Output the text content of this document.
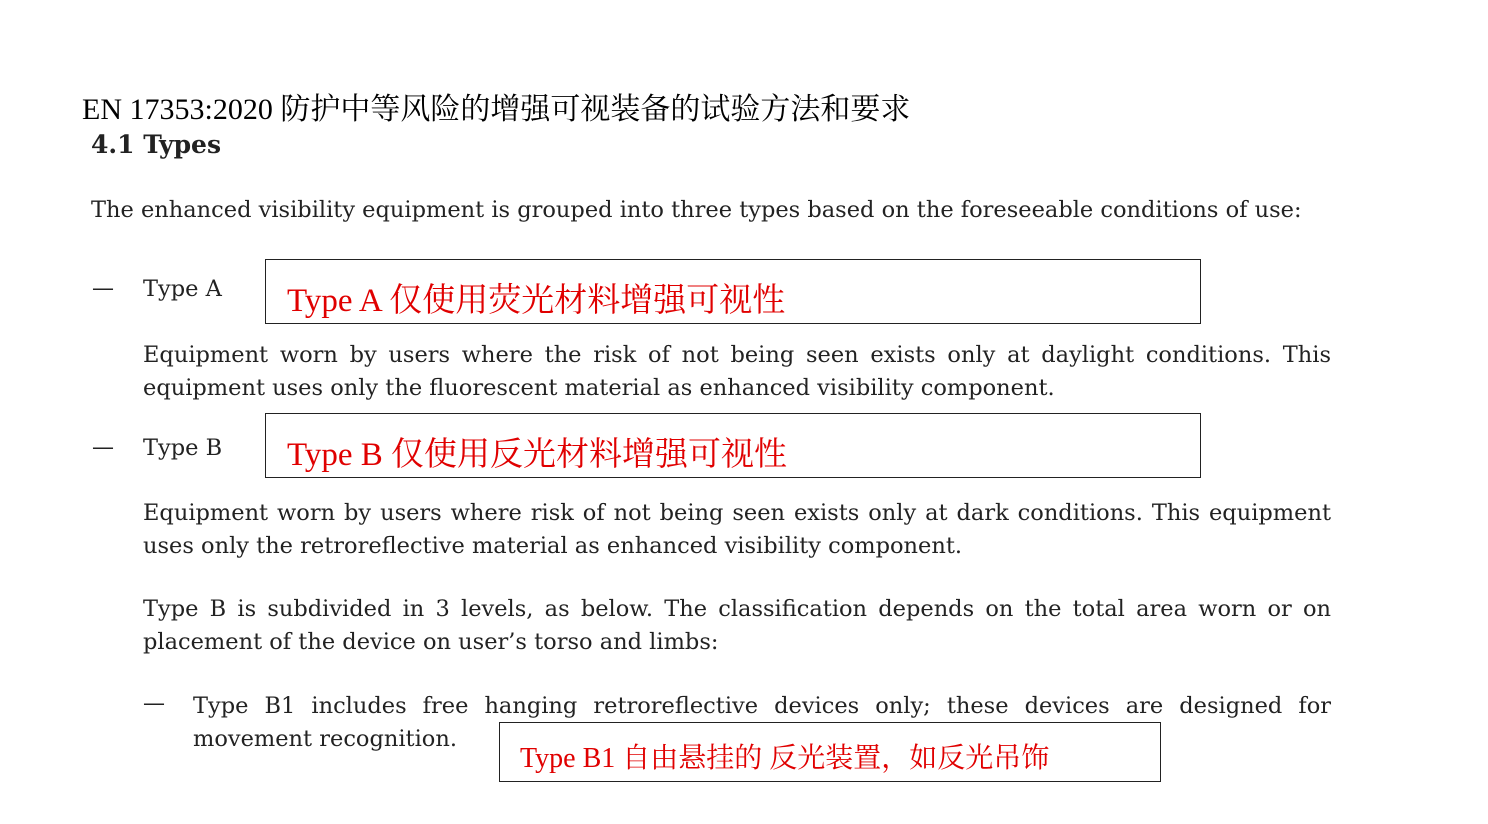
EN 17353:2020 防护中等风险的增强可视装备的试验方法和要求
4.1 Types
The enhanced visibility equipment is grouped into three types based on the foreseeable conditions of use:
— Type A	Type A 仅使用荧光材料增强可视性
Equipment worn by users where the risk of not being seen exists only at daylight conditions. This equipment uses only the fluorescent material as enhanced visibility component.
— Type B	Type B 仅使用反光材料增强可视性
Equipment worn by users where risk of not being seen exists only at dark conditions. This equipment uses only the retroreflective material as enhanced visibility component.
Type B is subdivided in 3 levels, as below. The classification depends on the total area worn or on placement of the device on user’s torso and limbs:
— Type B1 includes free hanging retroreflective devices only; these devices are designed for movement recognition.
Type B1 自由悬挂的 反光装置，如反光吊饰
